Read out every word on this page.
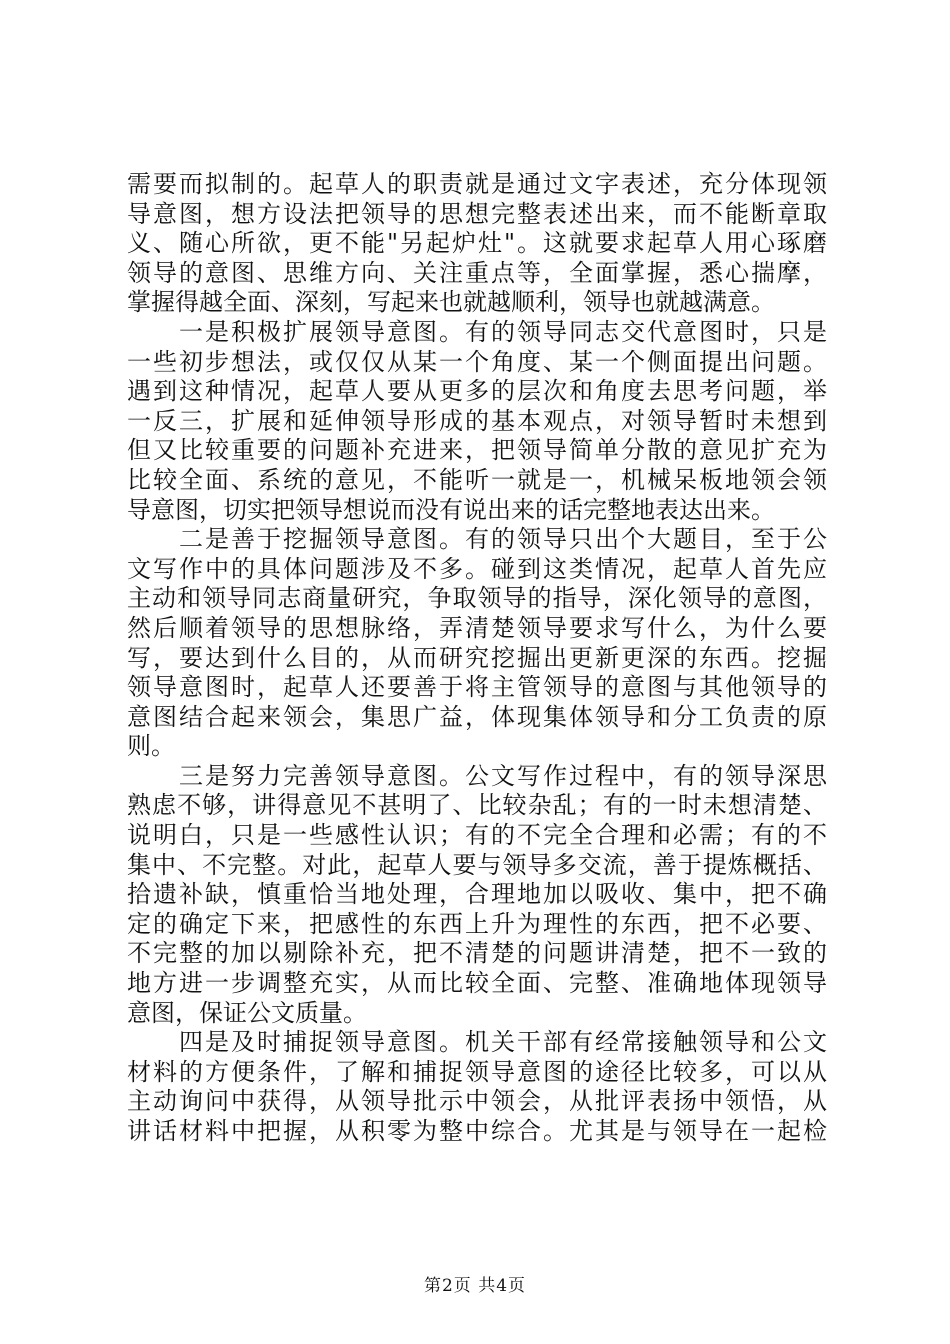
需要而拟制的。起草人的职责就是通过文字表述，充分体现领
导意图，想方设法把领导的思想完整表述出来，而不能断章取
义、随心所欲，更不能"另起炉灶"。这就要求起草人用心琢磨
领导的意图、思维方向、关注重点等，全面掌握，悉心揣摩，
掌握得越全面、深刻，写起来也就越顺利，领导也就越满意。
　　一是积极扩展领导意图。有的领导同志交代意图时，只是
一些初步想法，或仅仅从某一个角度、某一个侧面提出问题。
遇到这种情况，起草人要从更多的层次和角度去思考问题，举
一反三，扩展和延伸领导形成的基本观点，对领导暂时未想到
但又比较重要的问题补充进来，把领导简单分散的意见扩充为
比较全面、系统的意见，不能听一就是一，机械呆板地领会领
导意图，切实把领导想说而没有说出来的话完整地表达出来。
　　二是善于挖掘领导意图。有的领导只出个大题目，至于公
文写作中的具体问题涉及不多。碰到这类情况，起草人首先应
主动和领导同志商量研究，争取领导的指导，深化领导的意图，
然后顺着领导的思想脉络，弄清楚领导要求写什么，为什么要
写，要达到什么目的，从而研究挖掘出更新更深的东西。挖掘
领导意图时，起草人还要善于将主管领导的意图与其他领导的
意图结合起来领会，集思广益，体现集体领导和分工负责的原
则。
　　三是努力完善领导意图。公文写作过程中，有的领导深思
熟虑不够，讲得意见不甚明了、比较杂乱；有的一时未想清楚、
说明白，只是一些感性认识；有的不完全合理和必需；有的不
集中、不完整。对此，起草人要与领导多交流，善于提炼概括、
拾遗补缺，慎重恰当地处理，合理地加以吸收、集中，把不确
定的确定下来，把感性的东西上升为理性的东西，把不必要、
不完整的加以剔除补充，把不清楚的问题讲清楚，把不一致的
地方进一步调整充实，从而比较全面、完整、准确地体现领导
意图，保证公文质量。
　　四是及时捕捉领导意图。机关干部有经常接触领导和公文
材料的方便条件，了解和捕捉领导意图的途径比较多，可以从
主动询问中获得，从领导批示中领会，从批评表扬中领悟，从
讲话材料中把握，从积零为整中综合。尤其是与领导在一起检
第2页 共4页
